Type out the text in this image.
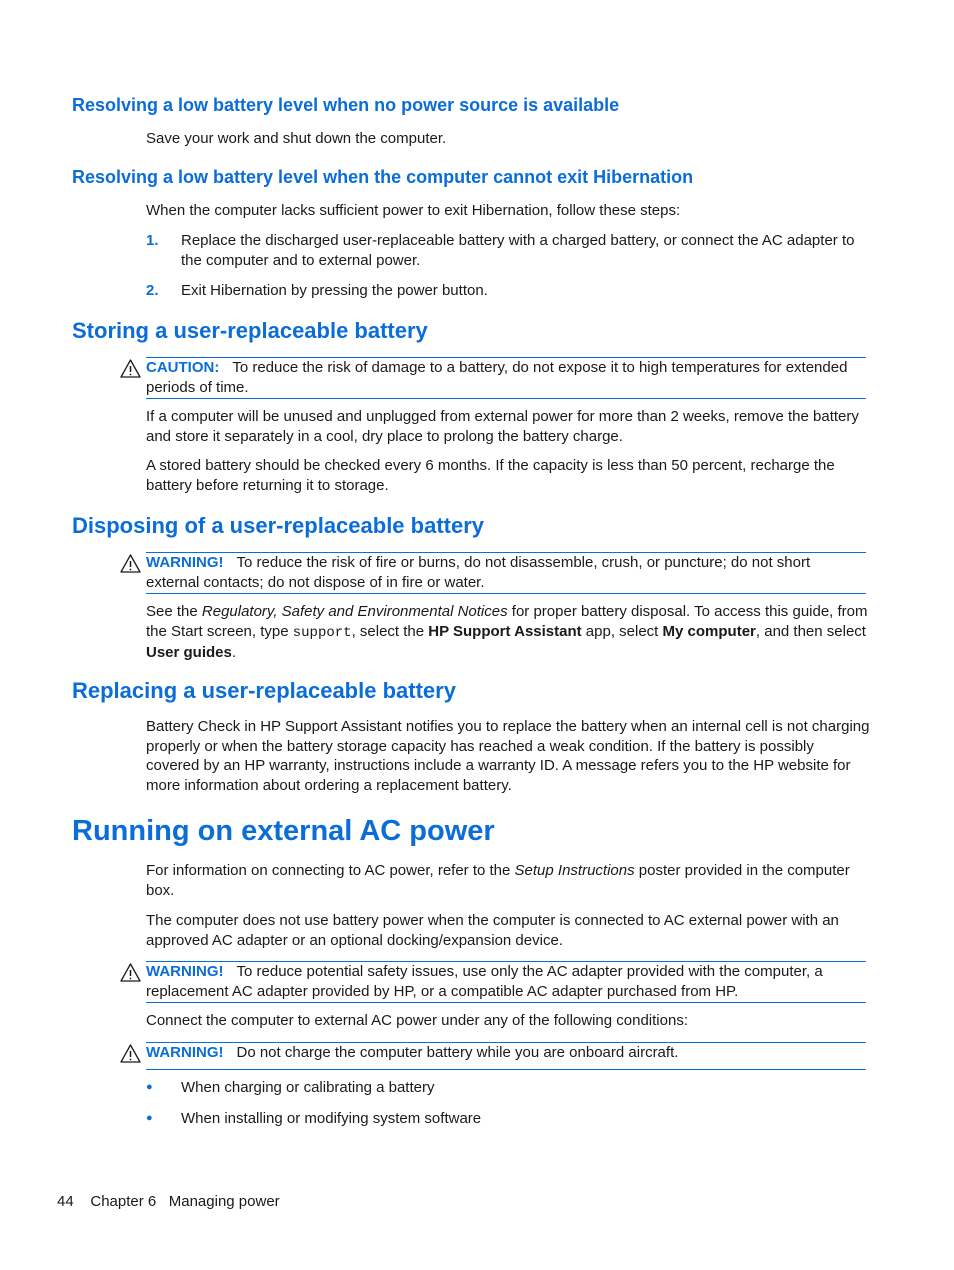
Resolving a low battery level when no power source is available

Save your work and shut down the computer.

Resolving a low battery level when the computer cannot exit Hibernation

When the computer lacks sufficient power to exit Hibernation, follow these steps:

1. Replace the discharged user-replaceable battery with a charged battery, or connect the AC adapter to the computer and to external power.
2. Exit Hibernation by pressing the power button.
Storing a user-replaceable battery
CAUTION: To reduce the risk of damage to a battery, do not expose it to high temperatures for extended periods of time.

If a computer will be unused and unplugged from external power for more than 2 weeks, remove the battery and store it separately in a cool, dry place to prolong the battery charge.

A stored battery should be checked every 6 months. If the capacity is less than 50 percent, recharge the battery before returning it to storage.

Disposing of a user-replaceable battery
WARNING! To reduce the risk of fire or burns, do not disassemble, crush, or puncture; do not short external contacts; do not dispose of in fire or water.

See the Regulatory, Safety and Environmental Notices for proper battery disposal. To access this guide, from the Start screen, type support, select the HP Support Assistant app, select My computer, and then select User guides.

Replacing a user-replaceable battery

Battery Check in HP Support Assistant notifies you to replace the battery when an internal cell is not charging properly or when the battery storage capacity has reached a weak condition. If the battery is possibly covered by an HP warranty, instructions include a warranty ID. A message refers you to the HP website for more information about ordering a replacement battery.

Running on external AC power

For information on connecting to AC power, refer to the Setup Instructions poster provided in the computer box.

The computer does not use battery power when the computer is connected to AC external power with an approved AC adapter or an optional docking/expansion device.

WARNING! To reduce potential safety issues, use only the AC adapter provided with the computer, a replacement AC adapter provided by HP, or a compatible AC adapter purchased from HP.

Connect the computer to external AC power under any of the following conditions:

WARNING! Do not charge the computer battery while you are onboard aircraft.
● When charging or calibrating a battery
● When installing or modifying system software
44 Chapter 6 Managing power
